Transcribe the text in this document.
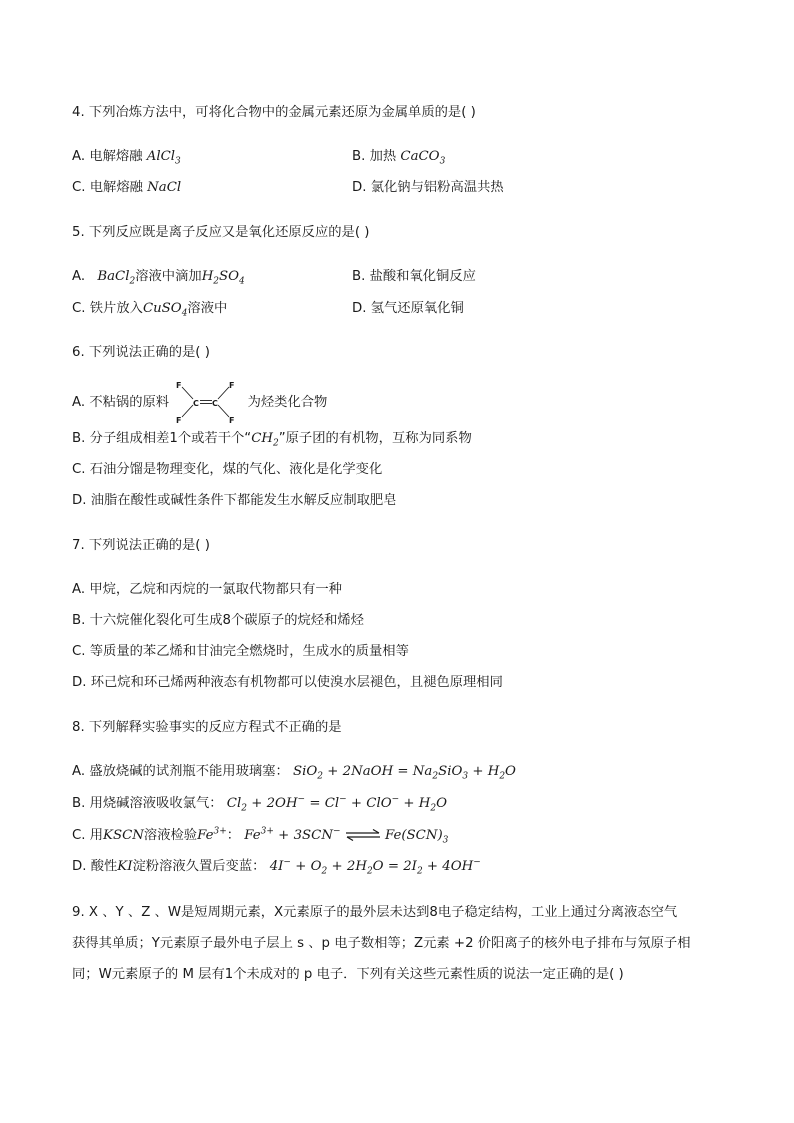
4. 下列冶炼方法中，可将化合物中的金属元素还原为金属单质的是( )
A. 电解熔融 AlCl$_3$	B. 加热 CaCO$_3$
C. 电解熔融 NaCl	D. 氯化钠与铝粉高温共热
5. 下列反应既是离子反应又是氧化还原反应的是( )
A. BaCl$_2$溶液中滴加$H_2SO_4$	B. 盐酸和氧化铜反应
C. 铁片放入CuSO$_4$溶液中	D. 氢气还原氧化铜
6. 下列说法正确的是( )
A. 不粘锅的原料	为烃类化合物
F	F
C C
F	F
B. 分子组成相差1个或若干个“$CH_2$”原子团的有机物，互称为同系物
C. 石油分馏是物理变化，煤的气化、液化是化学变化
D. 油脂在酸性或碱性条件下都能发生水解反应制取肥皂
7. 下列说法正确的是( )
A. 甲烷，乙烷和丙烷的一氯取代物都只有一种
B. 十六烷催化裂化可生成8个碳原子的烷烃和烯烃
C. 等质量的苯乙烯和甘油完全燃烧时，生成水的质量相等
D. 环己烷和环己烯两种液态有机物都可以使溴水层褪色，且褪色原理相同
8. 下列解释实验事实的反应方程式不正确的是
A. 盛放烧碱的试剂瓶不能用玻璃塞： SiO$_2$ + 2NaOH = $Na_2SiO_3 + H_2O$
B. 用烧碱溶液吸收氯气： $Cl_2 + 2OH^- = Cl^- + ClO^- + H_2O$
C. 用KSCN溶液检验$Fe^{3+}$： $Fe^{3+} + 3SCN^-$ ⇌ $Fe(SCN)_3$
D. 酸性KI淀粉溶液久置后变蓝： $4I^- + O_2 + 2H_2O = 2I_2 + 4OH^-$
9. X 、Y 、Z 、W是短周期元素，X元素原子的最外层未达到8电子稳定结构，工业上通过分离液态空气
获得其单质；Y元素原子最外电子层上 s 、p 电子数相等；Z元素 +2 价阳离子的核外电子排布与氖原子相
同；W元素原子的 M 层有1个未成对的 p 电子．下列有关这些元素性质的说法一定正确的是( )
